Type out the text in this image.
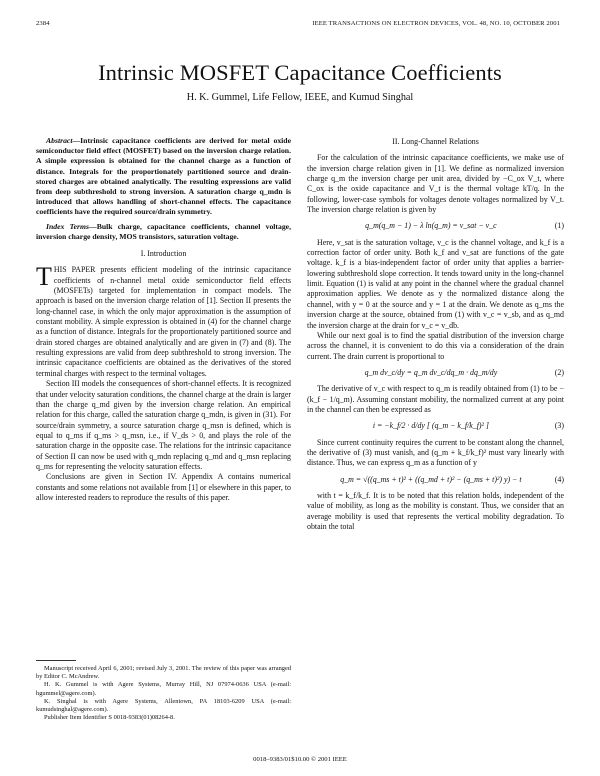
2384	IEEE TRANSACTIONS ON ELECTRON DEVICES, VOL. 48, NO. 10, OCTOBER 2001
Intrinsic MOSFET Capacitance Coefficients
H. K. Gummel, Life Fellow, IEEE, and Kumud Singhal

Abstract—Intrinsic capacitance coefficients are derived for metal oxide semiconductor field effect (MOSFET) based on the inversion charge relation. A simple expression is obtained for the channel charge as a function of distance. Integrals for the proportionately partitioned source and drain-stored charges are obtained analytically. The resulting expressions are valid from deep subthreshold to strong inversion. A saturation charge q_mdn is introduced that allows handling of short-channel effects. The capacitance coefficients have the required source/drain symmetry.

Index Terms—Bulk charge, capacitance coefficients, channel voltage, inversion charge density, MOS transistors, saturation voltage.

I. Introduction

THIS PAPER presents efficient modeling of the intrinsic capacitance coefficients of n-channel metal oxide semiconductor field effects (MOSFETs) targeted for implementation in compact models. The approach is based on the inversion charge relation of [1]. Section II presents the long-channel case, in which the only major approximation is the assumption of constant mobility. A simple expression is obtained in (4) for the channel charge as a function of distance. Integrals for the proportionately partitioned source and drain stored charges are obtained analytically and are given in (7) and (8). The resulting expressions are valid from deep subthreshold to strong inversion. The intrinsic capacitance coefficients are obtained as the derivatives of the stored terminal charges with respect to the terminal voltages.

Section III models the consequences of short-channel effects. It is recognized that under velocity saturation conditions, the channel charge at the drain is larger than the charge q_md given by the inversion charge relation. An empirical relation for this charge, called the saturation charge q_mdn, is given in (31). For source/drain symmetry, a source saturation charge q_msn is defined, which is equal to q_ms if q_ms > q_msn, i.e., if V_ds > 0, and plays the role of the saturation charge in the opposite case. The relations for the intrinsic capacitance of Section II can now be used with q_mdn replacing q_md and q_msn replacing q_ms for representing the velocity saturation effects.

Conclusions are given in Section IV. Appendix A contains numerical constants and some relations not available from [1] or elsewhere in this paper, to allow interested readers to reproduce the results of this paper.

Manuscript received April 6, 2001; revised July 3, 2001. The review of this paper was arranged by Editor C. McAndrew.

H. K. Gummel is with Agere Systems, Murray Hill, NJ 07974-0636 USA (e-mail: hgummel@agere.com).

K. Singhal is with Agere Systems, Allentown, PA 18103-6209 USA (e-mail: kumudsinghal@agere.com).

Publisher Item Identifier S 0018-9383(01)08264-8.

II. Long-Channel Relations

For the calculation of the intrinsic capacitance coefficients, we make use of the inversion charge relation given in [1]. We define as normalized inversion charge q_m the inversion charge per unit area, divided by −C_ox V_t, where C_ox is the oxide capacitance and V_t is the thermal voltage kT/q. In the following, lower-case symbols for voltages denote voltages normalized by V_t. The inversion charge relation is given by

q_m(q_m − 1) − λ ln(q_m) = v_sat − v_c	(1)

Here, v_sat is the saturation voltage, v_c is the channel voltage, and k_f is a correction factor of order unity. Both k_f and v_sat are functions of the gate voltage. k_f is a bias-independent factor of order unity that applies a barrier-lowering subthreshold slope correction. It tends toward unity in the long-channel limit. Equation (1) is valid at any point in the channel where the gradual channel approximation applies. We denote as y the normalized distance along the channel, with y = 0 at the source and y = 1 at the drain. We denote as q_ms the inversion charge at the source, obtained from (1) with v_c = v_sb, and as q_md the inversion charge at the drain for v_c = v_db.

While our next goal is to find the spatial distribution of the inversion charge across the channel, it is convenient to do this via a consideration of the drain current. The drain current is proportional to

q_m dv_c/dy = q_m dv_c/dq_m · dq_m/dy	(2)

The derivative of v_c with respect to q_m is readily obtained from (1) to be −(k_f − 1/q_m). Assuming constant mobility, the normalized current at any point in the channel can then be expressed as

i = −k_f/2 · d/dy [ (q_m − k_f/k_f)² ]	(3)

Since current continuity requires the current to be constant along the channel, the derivative of (3) must vanish, and (q_m + k_f/k_f)² must vary linearly with distance. Thus, we can express q_m as a function of y

q_m = √((q_ms + t)² + ((q_md + t)² − (q_ms + t)²) y) − t	(4)

with t = k_f/k_f. It is to be noted that this relation holds, independent of the value of mobility, as long as the mobility is constant. Thus, we consider that an average mobility is used that represents the vertical mobility degradation. To obtain the total

0018–9383/01$10.00 © 2001 IEEE
